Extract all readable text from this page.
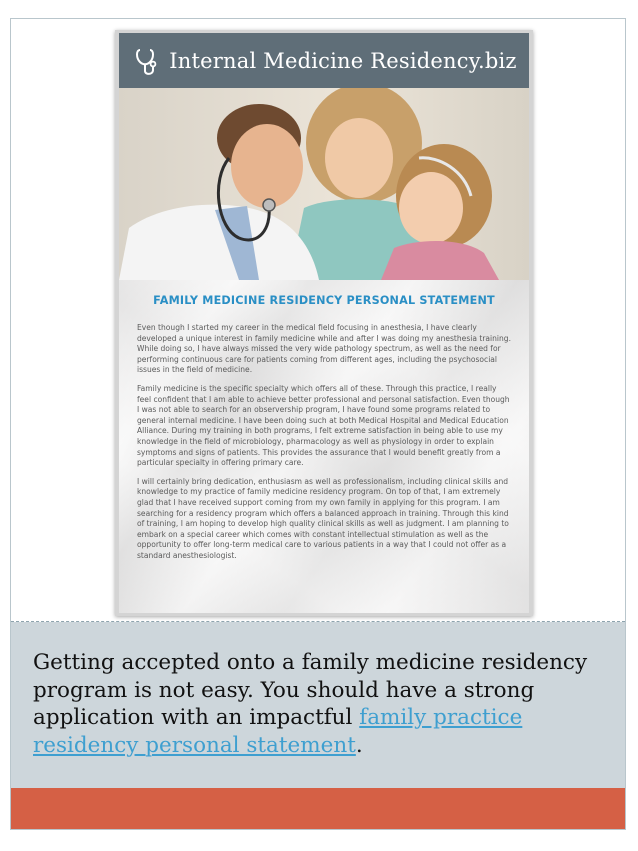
Internal Medicine Residency.biz
FAMILY MEDICINE RESIDENCY PERSONAL STATEMENT

Even though I started my career in the medical field focusing in anesthesia, I have clearly developed a unique interest in family medicine while and after I was doing my anesthesia training. While doing so, I have always missed the very wide pathology spectrum, as well as the need for performing continuous care for patients coming from different ages, including the psychosocial issues in the field of medicine.

Family medicine is the specific specialty which offers all of these. Through this practice, I really feel confident that I am able to achieve better professional and personal satisfaction. Even though I was not able to search for an observership program, I have found some programs related to general internal medicine. I have been doing such at both Medical Hospital and Medical Education Alliance. During my training in both programs, I felt extreme satisfaction in being able to use my knowledge in the field of microbiology, pharmacology as well as physiology in order to explain symptoms and signs of patients. This provides the assurance that I would benefit greatly from a particular specialty in offering primary care.

I will certainly bring dedication, enthusiasm as well as professionalism, including clinical skills and knowledge to my practice of family medicine residency program. On top of that, I am extremely glad that I have received support coming from my own family in applying for this program. I am searching for a residency program which offers a balanced approach in training. Through this kind of training, I am hoping to develop high quality clinical skills as well as judgment. I am planning to embark on a special career which comes with constant intellectual stimulation as well as the opportunity to offer long-term medical care to various patients in a way that I could not offer as a standard anesthesiologist.

Getting accepted onto a family medicine residency program is not easy. You should have a strong application with an impactful family practice residency personal statement.
